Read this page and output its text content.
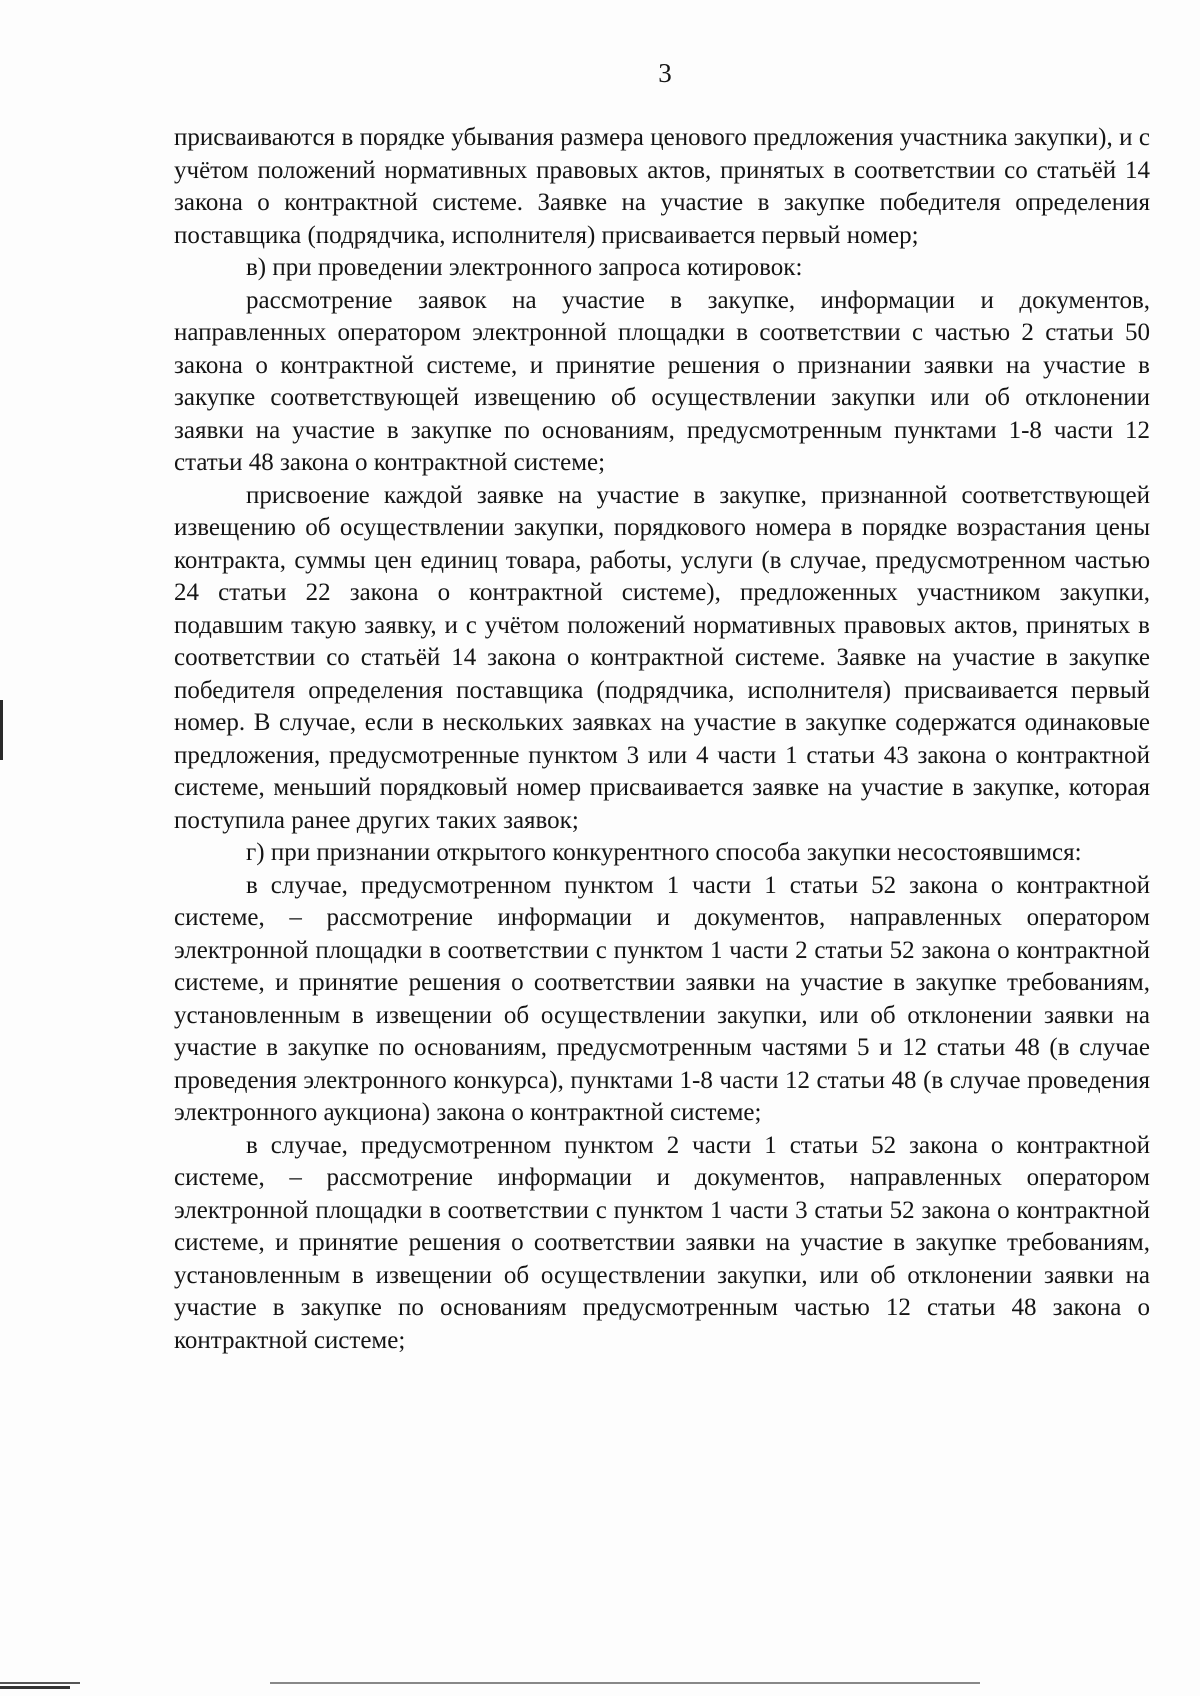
3

присваиваются в порядке убывания размера ценового предложения участника закупки), и с учётом положений нормативных правовых актов, принятых в соответствии со статьёй 14 закона о контрактной системе. Заявке на участие в закупке победителя определения поставщика (подрядчика, исполнителя) присваивается первый номер;

в) при проведении электронного запроса котировок:

рассмотрение заявок на участие в закупке, информации и документов, направленных оператором электронной площадки в соответствии с частью 2 статьи 50 закона о контрактной системе, и принятие решения о признании заявки на участие в закупке соответствующей извещению об осуществлении закупки или об отклонении заявки на участие в закупке по основаниям, предусмотренным пунктами 1-8 части 12 статьи 48 закона о контрактной системе;

присвоение каждой заявке на участие в закупке, признанной соответствующей извещению об осуществлении закупки, порядкового номера в порядке возрастания цены контракта, суммы цен единиц товара, работы, услуги (в случае, предусмотренном частью 24 статьи 22 закона о контрактной системе), предложенных участником закупки, подавшим такую заявку, и с учётом положений нормативных правовых актов, принятых в соответствии со статьёй 14 закона о контрактной системе. Заявке на участие в закупке победителя определения поставщика (подрядчика, исполнителя) присваивается первый номер. В случае, если в нескольких заявках на участие в закупке содержатся одинаковые предложения, предусмотренные пунктом 3 или 4 части 1 статьи 43 закона о контрактной системе, меньший порядковый номер присваивается заявке на участие в закупке, которая поступила ранее других таких заявок;

г) при признании открытого конкурентного способа закупки несостоявшимся:

в случае, предусмотренном пунктом 1 части 1 статьи 52 закона о контрактной системе, – рассмотрение информации и документов, направленных оператором электронной площадки в соответствии с пунктом 1 части 2 статьи 52 закона о контрактной системе, и принятие решения о соответствии заявки на участие в закупке требованиям, установленным в извещении об осуществлении закупки, или об отклонении заявки на участие в закупке по основаниям, предусмотренным частями 5 и 12 статьи 48 (в случае проведения электронного конкурса), пунктами 1-8 части 12 статьи 48 (в случае проведения электронного аукциона) закона о контрактной системе;

в случае, предусмотренном пунктом 2 части 1 статьи 52 закона о контрактной системе, – рассмотрение информации и документов, направленных оператором электронной площадки в соответствии с пунктом 1 части 3 статьи 52 закона о контрактной системе, и принятие решения о соответствии заявки на участие в закупке требованиям, установленным в извещении об осуществлении закупки, или об отклонении заявки на участие в закупке по основаниям предусмотренным частью 12 статьи 48 закона о контрактной системе;
